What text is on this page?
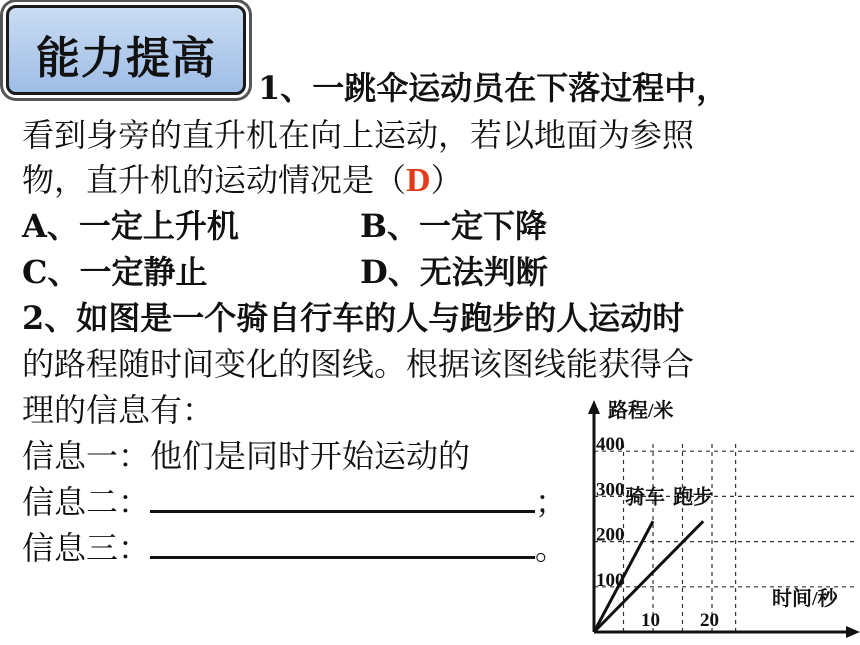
能力提高
1、一跳伞运动员在下落过程中，
看到身旁的直升机在向上运动，若以地面为参照
物，直升机的运动情况是（D）
A、一定上升机	B、一定下降
C、一定静止	D、无法判断
2、如图是一个骑自行车的人与跑步的人运动时
的路程随时间变化的图线。根据该图线能获得合
理的信息有：
信息一：他们是同时开始运动的
信息二：	；
信息三：	。
100
200
300
400
10 20
骑车 跑步
路程/米
时间/秒
